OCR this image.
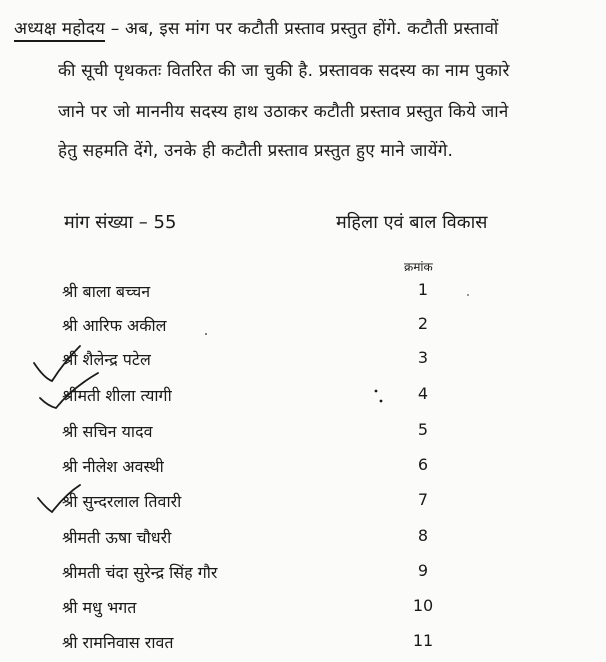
अध्यक्ष महोदय – अब, इस मांग पर कटौती प्रस्ताव प्रस्तुत होंगे. कटौती प्रस्तावों
की सूची पृथकतः वितरित की जा चुकी है. प्रस्तावक सदस्य का नाम पुकारे
जाने पर जो माननीय सदस्य हाथ उठाकर कटौती प्रस्ताव प्रस्तुत किये जाने
हेतु सहमति देंगे, उनके ही कटौती प्रस्ताव प्रस्तुत हुए माने जायेंगे.
मांग संख्या – 55	महिला एवं बाल विकास
क्रमांक
श्री बाला बच्चन	1
श्री आरिफ अकील	2
श्री शैलेन्द्र पटेल	3
श्रीमती शीला त्यागी	4
श्री सचिन यादव	5
श्री नीलेश अवस्थी	6
श्री सुन्दरलाल तिवारी	7
श्रीमती ऊषा चौधरी	8
श्रीमती चंदा सुरेन्द्र सिंह गौर	9
श्री मधु भगत	10
श्री रामनिवास रावत	11
